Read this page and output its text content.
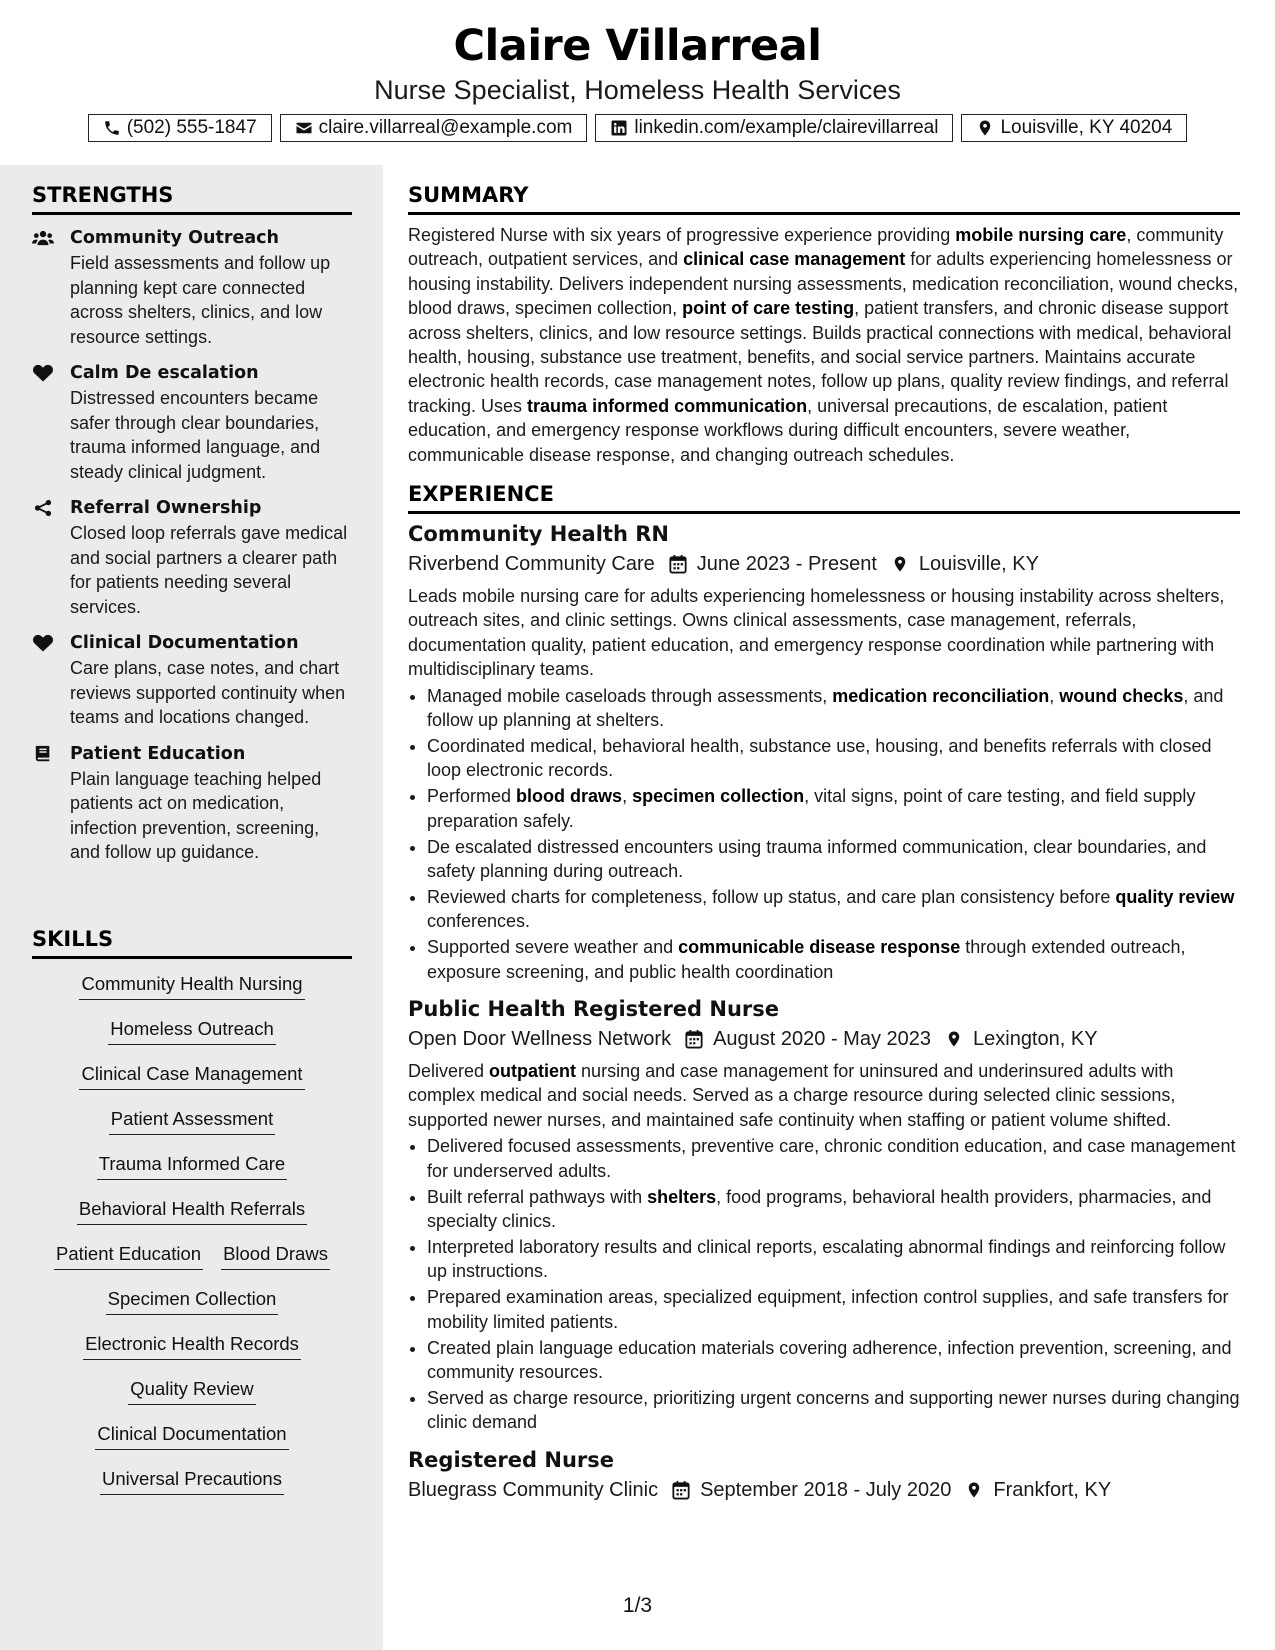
Claire Villarreal
Nurse Specialist, Homeless Health Services
(502) 555-1847	claire.villarreal@example.com	linkedin.com/example/clairevillarreal	Louisville, KY 40204
STRENGTHS
Community Outreach
Field assessments and follow up planning kept care connected across shelters, clinics, and low resource settings.
Calm De escalation
Distressed encounters became safer through clear boundaries, trauma informed language, and steady clinical judgment.
Referral Ownership
Closed loop referrals gave medical and social partners a clearer path for patients needing several services.
Clinical Documentation
Care plans, case notes, and chart reviews supported continuity when teams and locations changed.
Patient Education
Plain language teaching helped patients act on medication, infection prevention, screening, and follow up guidance.
SKILLS
Community Health Nursing
Homeless Outreach
Clinical Case Management
Patient Assessment
Trauma Informed Care
Behavioral Health Referrals
Patient Education Blood Draws
Specimen Collection
Electronic Health Records
Quality Review
Clinical Documentation
Universal Precautions
SUMMARY
Registered Nurse with six years of progressive experience providing mobile nursing care, community outreach, outpatient services, and clinical case management for adults experiencing homelessness or housing instability. Delivers independent nursing assessments, medication reconciliation, wound checks, blood draws, specimen collection, point of care testing, patient transfers, and chronic disease support across shelters, clinics, and low resource settings. Builds practical connections with medical, behavioral health, housing, substance use treatment, benefits, and social service partners. Maintains accurate electronic health records, case management notes, follow up plans, quality review findings, and referral tracking. Uses trauma informed communication, universal precautions, de escalation, patient education, and emergency response workflows during difficult encounters, severe weather, communicable disease response, and changing outreach schedules.
EXPERIENCE
Community Health RN
Riverbend Community Care June 2023 - Present Louisville, KY
Leads mobile nursing care for adults experiencing homelessness or housing instability across shelters, outreach sites, and clinic settings. Owns clinical assessments, case management, referrals, documentation quality, patient education, and emergency response coordination while partnering with multidisciplinary teams.
• Managed mobile caseloads through assessments, medication reconciliation, wound checks, and follow up planning at shelters.
• Coordinated medical, behavioral health, substance use, housing, and benefits referrals with closed loop electronic records.
• Performed blood draws, specimen collection, vital signs, point of care testing, and field supply preparation safely.
• De escalated distressed encounters using trauma informed communication, clear boundaries, and safety planning during outreach.
• Reviewed charts for completeness, follow up status, and care plan consistency before quality review conferences.
• Supported severe weather and communicable disease response through extended outreach, exposure screening, and public health coordination
Public Health Registered Nurse
Open Door Wellness Network August 2020 - May 2023 Lexington, KY
Delivered outpatient nursing and case management for uninsured and underinsured adults with complex medical and social needs. Served as a charge resource during selected clinic sessions, supported newer nurses, and maintained safe continuity when staffing or patient volume shifted.
• Delivered focused assessments, preventive care, chronic condition education, and case management for underserved adults.
• Built referral pathways with shelters, food programs, behavioral health providers, pharmacies, and specialty clinics.
• Interpreted laboratory results and clinical reports, escalating abnormal findings and reinforcing follow up instructions.
• Prepared examination areas, specialized equipment, infection control supplies, and safe transfers for mobility limited patients.
• Created plain language education materials covering adherence, infection prevention, screening, and community resources.
• Served as charge resource, prioritizing urgent concerns and supporting newer nurses during changing clinic demand
Registered Nurse
Bluegrass Community Clinic September 2018 - July 2020 Frankfort, KY
1/3
